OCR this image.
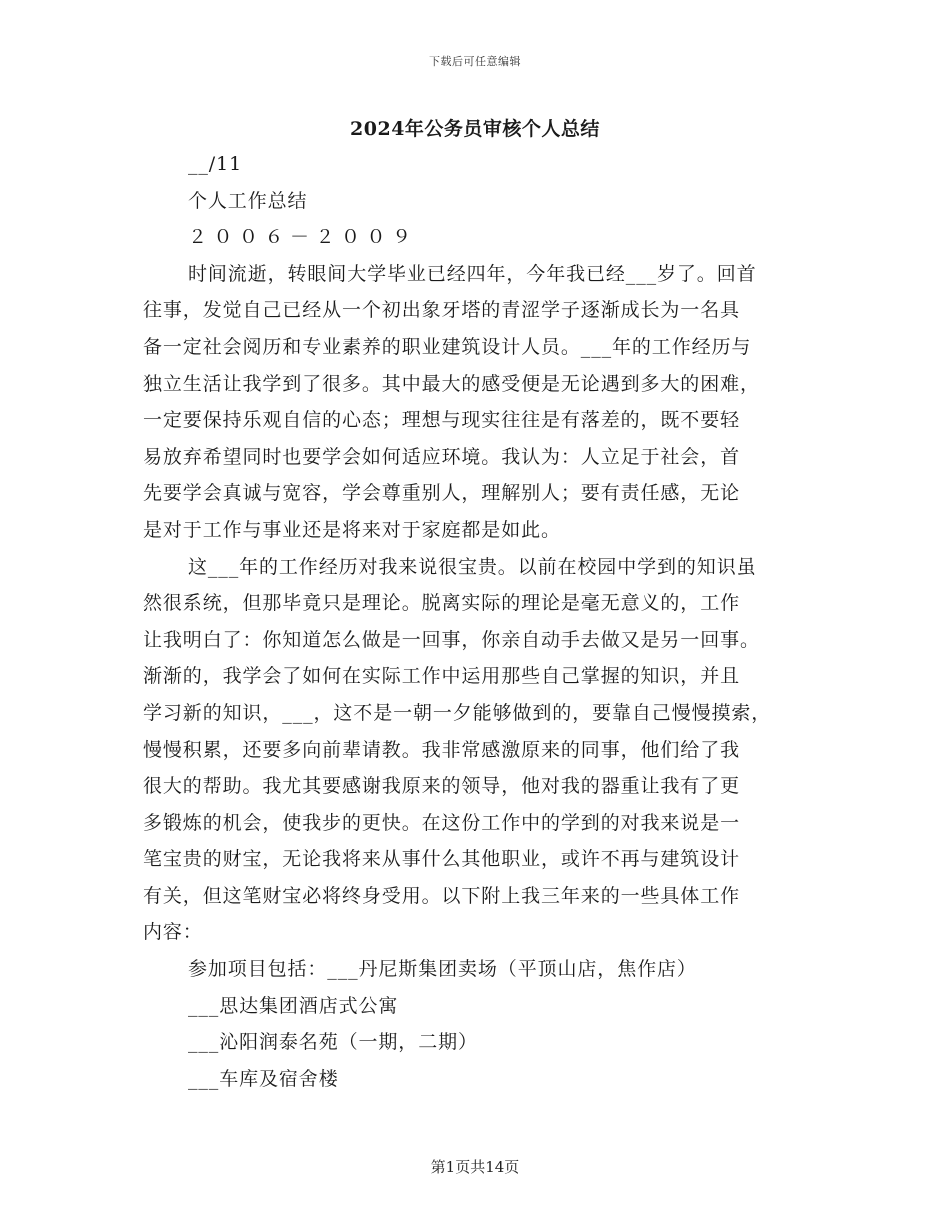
下载后可任意编辑
2024年公务员审核个人总结
__/11
个人工作总结
２００６－２００９
时间流逝，转眼间大学毕业已经四年，今年我已经___岁了。回首
往事，发觉自己已经从一个初出象牙塔的青涩学子逐渐成长为一名具
备一定社会阅历和专业素养的职业建筑设计人员。___年的工作经历与
独立生活让我学到了很多。其中最大的感受便是无论遇到多大的困难，
一定要保持乐观自信的心态；理想与现实往往是有落差的，既不要轻
易放弃希望同时也要学会如何适应环境。我认为：人立足于社会，首
先要学会真诚与宽容，学会尊重别人，理解别人；要有责任感，无论
是对于工作与事业还是将来对于家庭都是如此。
这___年的工作经历对我来说很宝贵。以前在校园中学到的知识虽
然很系统，但那毕竟只是理论。脱离实际的理论是毫无意义的，工作
让我明白了：你知道怎么做是一回事，你亲自动手去做又是另一回事。
渐渐的，我学会了如何在实际工作中运用那些自己掌握的知识，并且
学习新的知识，___，这不是一朝一夕能够做到的，要靠自己慢慢摸索，
慢慢积累，还要多向前辈请教。我非常感激原来的同事，他们给了我
很大的帮助。我尤其要感谢我原来的领导，他对我的器重让我有了更
多锻炼的机会，使我步的更快。在这份工作中的学到的对我来说是一
笔宝贵的财宝，无论我将来从事什么其他职业，或许不再与建筑设计
有关，但这笔财宝必将终身受用。以下附上我三年来的一些具体工作
内容：
参加项目包括：___丹尼斯集团卖场（平顶山店，焦作店）
___思达集团酒店式公寓
___沁阳润泰名苑（一期，二期）
___车库及宿舍楼
第1页共14页
